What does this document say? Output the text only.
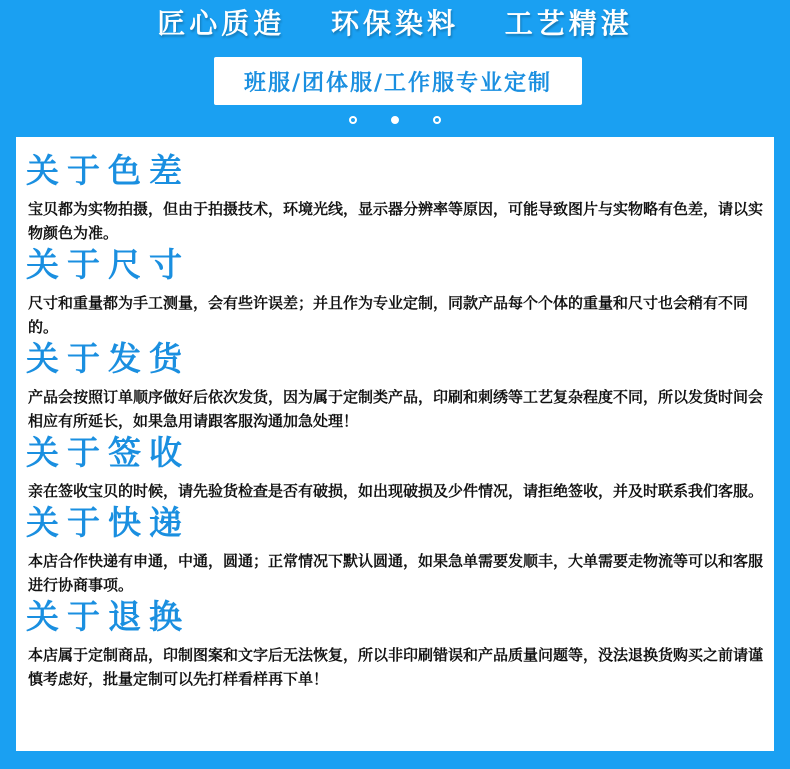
匠心质造 环保染料 工艺精湛
班服/团体服/工作服专业定制
关于色差
宝贝都为实物拍摄，但由于拍摄技术，环境光线，显示器分辨率等原因，可能导致图片与实物略有色差，请以实物颜色为准。
关于尺寸
尺寸和重量都为手工测量，会有些许误差；并且作为专业定制，同款产品每个个体的重量和尺寸也会稍有不同的。
关于发货
产品会按照订单顺序做好后依次发货，因为属于定制类产品，印刷和刺绣等工艺复杂程度不同，所以发货时间会相应有所延长，如果急用请跟客服沟通加急处理！
关于签收
亲在签收宝贝的时候，请先验货检查是否有破损，如出现破损及少件情况，请拒绝签收，并及时联系我们客服。
关于快递
本店合作快递有申通，中通，圆通；正常情况下默认圆通，如果急单需要发顺丰，大单需要走物流等可以和客服进行协商事项。
关于退换
本店属于定制商品，印制图案和文字后无法恢复，所以非印刷错误和产品质量问题等，没法退换货购买之前请谨慎考虑好，批量定制可以先打样看样再下单！
